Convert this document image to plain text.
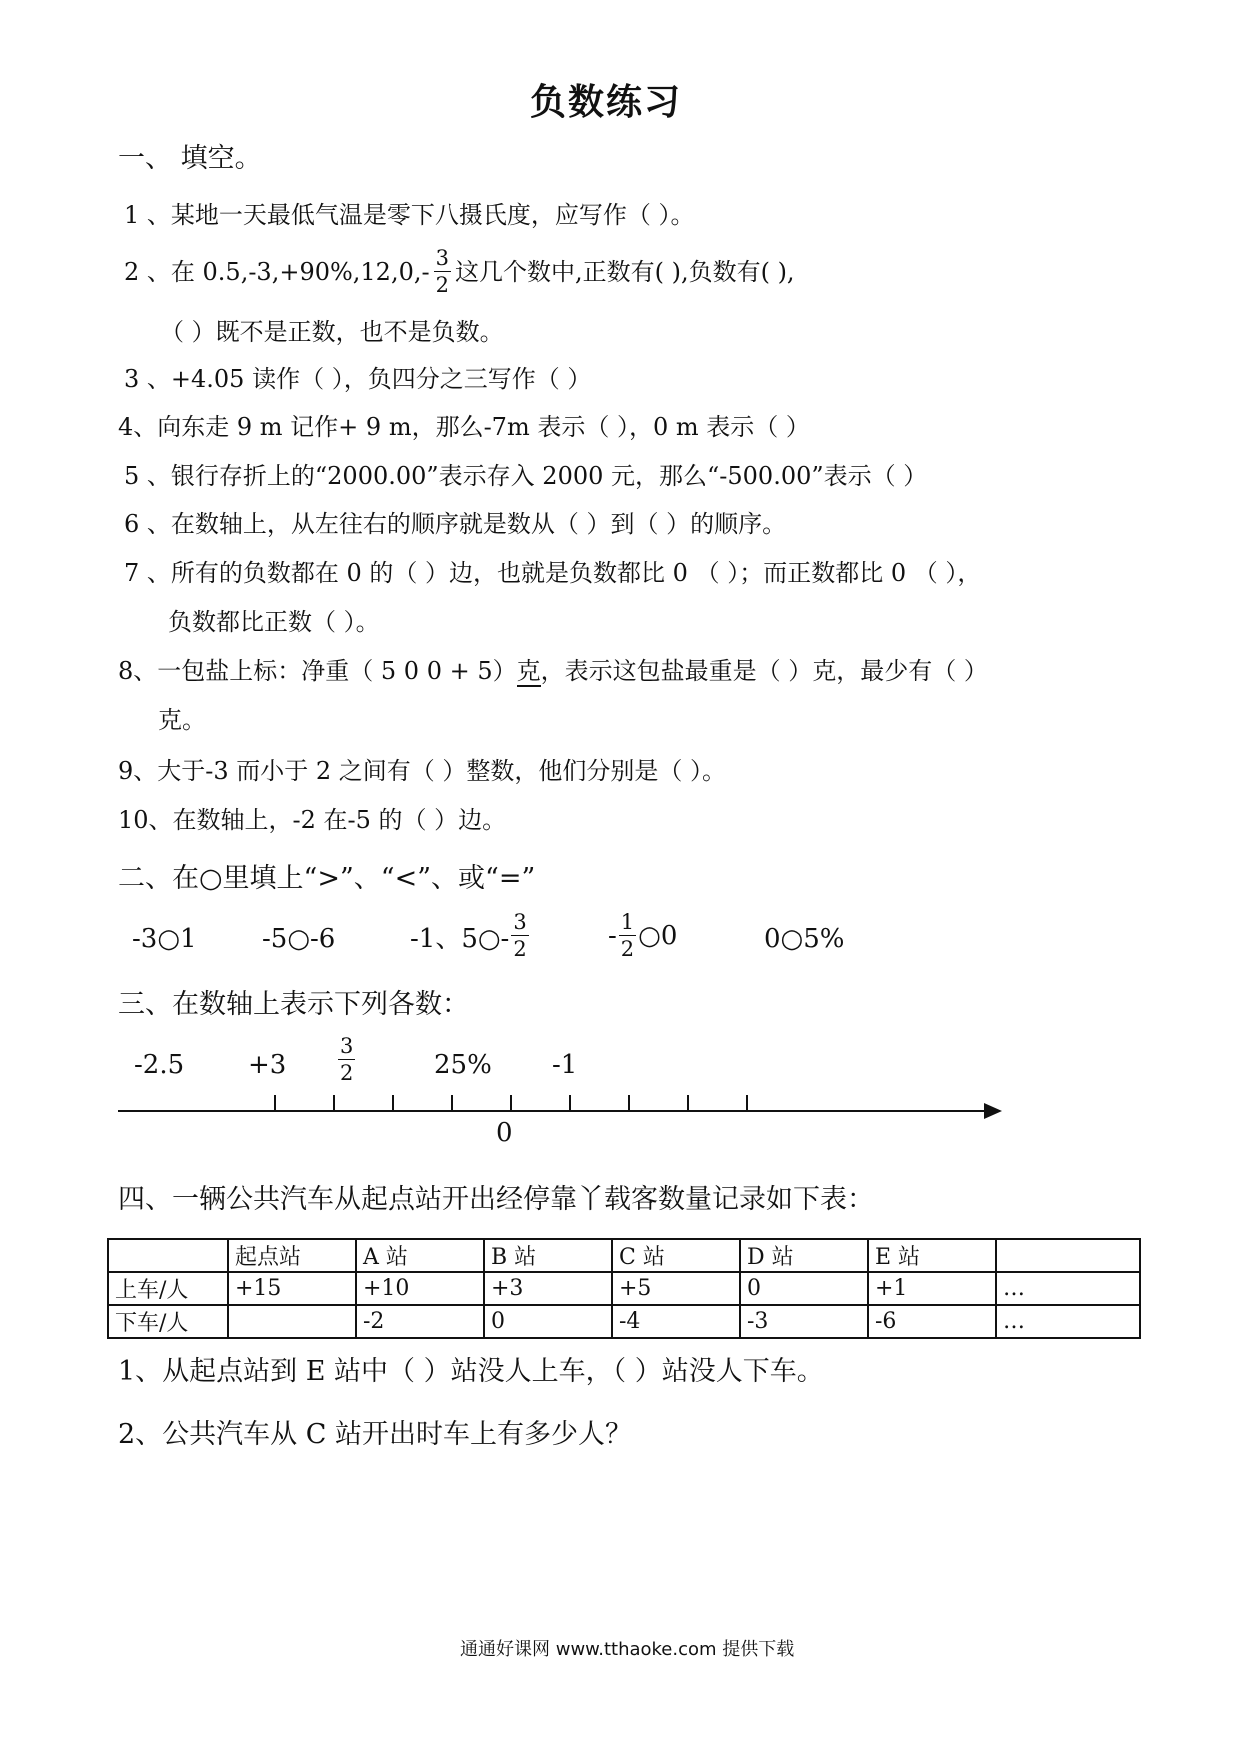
负数练习
一、 填空。
1 、某地一天最低气温是零下八摄氏度，应写作（ ）。
2 、在 $0.5,-3,+90\%,12,0,- \frac{3}{2}$ 这几个数中,正数有( ),负数有( ),
（ ）既不是正数，也不是负数。
3 、+4.05 读作（ ），负四分之三写作（ ）
4、向东走 9 m 记作+ 9 m，那么-7m 表示（ ），0 m 表示（ ）
5 、银行存折上的“2000.00”表示存入 2000 元，那么“-500.00”表示（ ）
6 、在数轴上，从左往右的顺序就是数从（ ）到（ ）的顺序。
7 、所有的负数都在 0 的（ ）边，也就是负数都比 0 （ ）；而正数都比 0 （ ），
负数都比正数（ ）。
8、一包盐上标：净重（ 5 0 0 + 5）克，表示这包盐最重是（ ）克，最少有（ ）
克。
9、大于-3 而小于 2 之间有（ ）整数，他们分别是（ ）。
10、在数轴上，-2 在-5 的（ ）边。
二、在○里填上“>”、“<”、或“=”
-3○1	-5○-6	-1、5○- $\frac{3}{2}$	- $\frac{1}{2}$ ○0	0○5%
三、在数轴上表示下列各数：
$-2.5 +3 \frac{3}{2}$	25% -1
0
四、一辆公共汽车从起点站开出经停靠丫载客数量记录如下表：
	起点站	A 站	B 站	C 站	D 站	E 站	
上车/人	+15	+10	+3	+5	0	+1	…
下车/人		-2	0	-4	-3	-6	…
1、从起点站到 E 站中（ ）站没人上车，（ ）站没人下车。
2、公共汽车从 C 站开出时车上有多少人？
通通好课网 www.tthaoke.com 提供下载
